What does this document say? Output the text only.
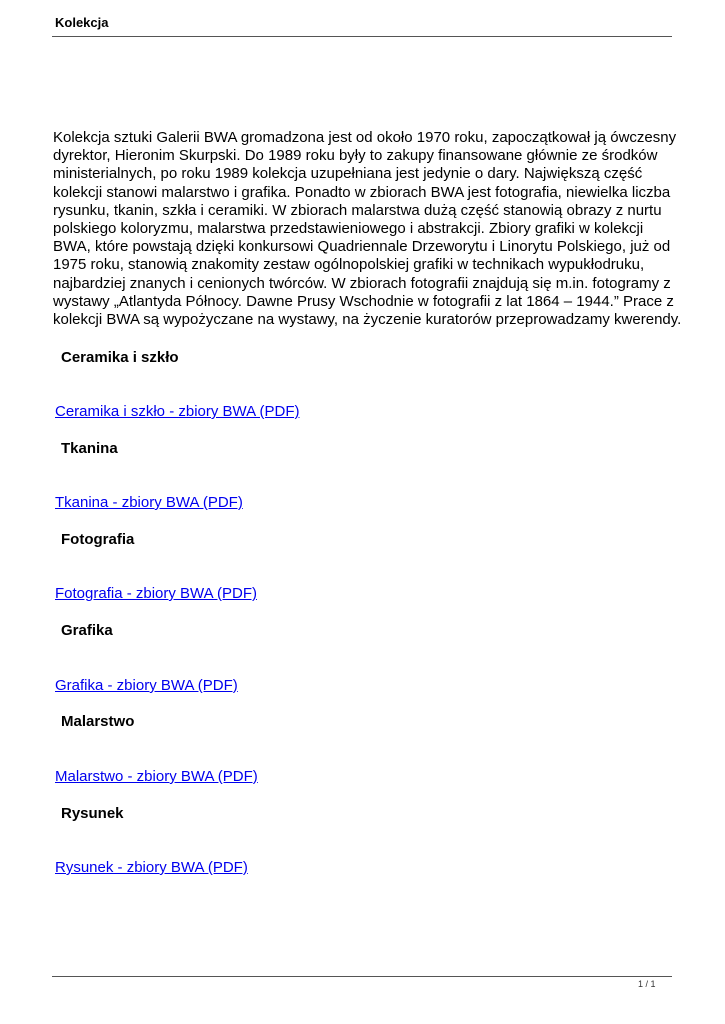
Kolekcja

Kolekcja sztuki Galerii BWA gromadzona jest od około 1970 roku, zapoczątkował ją ówczesny dyrektor, Hieronim Skurpski. Do 1989 roku były to zakupy finansowane głównie ze środków ministerialnych, po roku 1989 kolekcja uzupełniana jest jedynie o dary. Największą część kolekcji stanowi malarstwo i grafika. Ponadto w zbiorach BWA jest fotografia, niewielka liczba rysunku, tkanin, szkła i ceramiki. W zbiorach malarstwa dużą część stanowią obrazy z nurtu polskiego koloryzmu, malarstwa przedstawieniowego i abstrakcji. Zbiory grafiki w kolekcji BWA, które powstają dzięki konkursowi Quadriennale Drzeworytu i Linorytu Polskiego, już od 1975 roku, stanowią znakomity zestaw ogólnopolskiej grafiki w technikach wypukłodruku, najbardziej znanych i cenionych twórców. W zbiorach fotografii znajdują się m.in. fotogramy z wystawy „Atlantyda Północy. Dawne Prusy Wschodnie w fotografii z lat 1864 – 1944.” Prace z kolekcji BWA są wypożyczane na wystawy, na życzenie kuratorów przeprowadzamy kwerendy.

Ceramika i szkło
Ceramika i szkło - zbiory BWA (PDF)
Tkanina
Tkanina - zbiory BWA (PDF)
Fotografia
Fotografia - zbiory BWA (PDF)
Grafika
Grafika - zbiory BWA (PDF)
Malarstwo
Malarstwo - zbiory BWA (PDF)
Rysunek
Rysunek - zbiory BWA (PDF)
1 / 1
